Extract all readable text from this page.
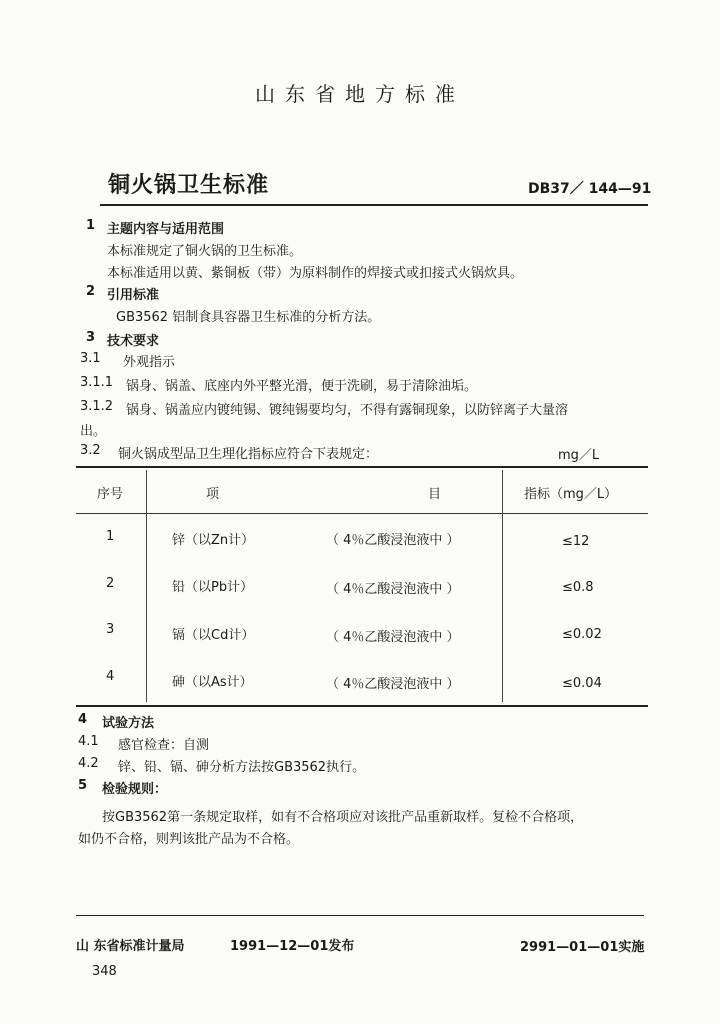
山东省地方标准
铜火锅卫生标准	DB37／ 144—91
1 主题内容与适用范围
本标准规定了铜火锅的卫生标准。
本标准适用以黄、紫铜板（带）为原料制作的焊接式或扣接式火锅炊具。
2 引用标准
GB3562 铝制食具容器卫生标准的分析方法。
3 技术要求
3.1 外观指示
3.1.1 锅身、锅盖、底座内外平整光滑，便于洗刷，易于清除油垢。
3.1.2 锅身、锅盖应内镀纯锡、镀纯锡要均匀，不得有露铜现象，以防锌离子大量溶
出。
3.2 铜火锅成型品卫生理化指标应符合下表规定：	mg／L
序号	项	目	指标（mg／L）
1	锌（以Zn计）	（ 4％乙酸浸泡液中 ）	≤12
2	铅（以Pb计）	（ 4％乙酸浸泡液中 ）	≤0.8
3	镉（以Cd计）	（ 4％乙酸浸泡液中 ）	≤0.02
4	砷（以As计）	（ 4％乙酸浸泡液中 ）	≤0.04
4 试验方法
4.1 感官检查：自测
4.2 锌、铅、镉、砷分析方法按GB3562执行。
5 检验规则：
按GB3562第一条规定取样，如有不合格项应对该批产品重新取样。复检不合格项，
如仍不合格，则判该批产品为不合格。
山 东省标准计量局	1991—12—01发布	2991—01—01实施
348
